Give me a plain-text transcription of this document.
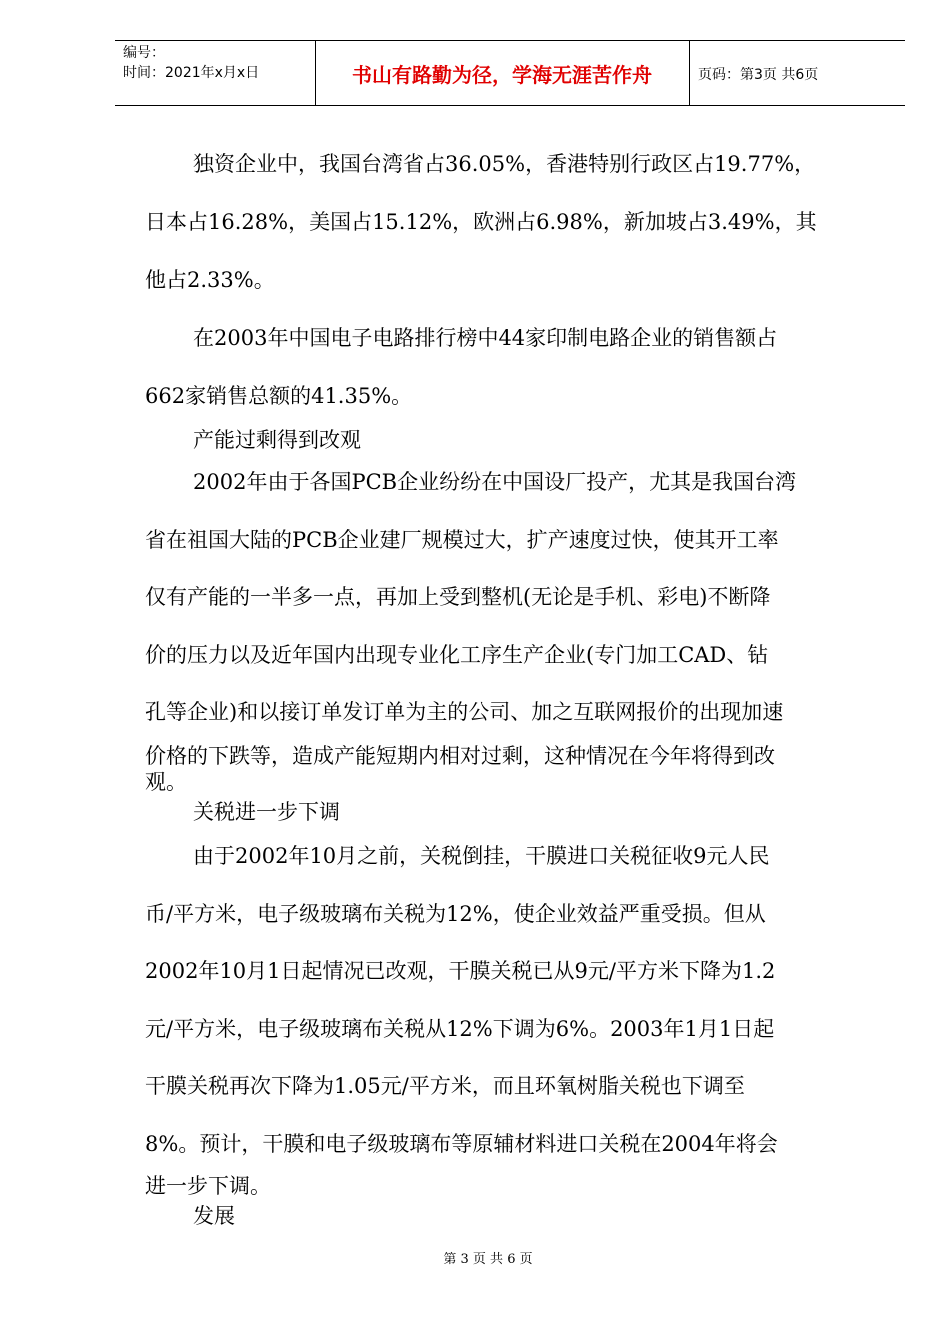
编号：
时间：2021年x月x日	书山有路勤为径，学海无涯苦作舟	页码：第3页 共6页
独资企业中，我国台湾省占36.05%，香港特别行政区占19.77%，
日本占16.28%，美国占15.12%，欧洲占6.98%，新加坡占3.49%，其
他占2.33%。
在2003年中国电子电路排行榜中44家印制电路企业的销售额占
662家销售总额的41.35%。
产能过剩得到改观
2002年由于各国PCB企业纷纷在中国设厂投产，尤其是我国台湾
省在祖国大陆的PCB企业建厂规模过大，扩产速度过快，使其开工率
仅有产能的一半多一点，再加上受到整机(无论是手机、彩电)不断降
价的压力以及近年国内出现专业化工序生产企业(专门加工CAD、钻
孔等企业)和以接订单发订单为主的公司、加之互联网报价的出现加速
价格的下跌等，造成产能短期内相对过剩，这种情况在今年将得到改
观。
关税进一步下调
由于2002年10月之前，关税倒挂，干膜进口关税征收9元人民
币/平方米，电子级玻璃布关税为12%，使企业效益严重受损。但从
2002年10月1日起情况已改观，干膜关税已从9元/平方米下降为1.2
元/平方米，电子级玻璃布关税从12%下调为6%。2003年1月1日起
干膜关税再次下降为1.05元/平方米，而且环氧树脂关税也下调至
8%。预计，干膜和电子级玻璃布等原辅材料进口关税在2004年将会
进一步下调。
发展
第 3 页 共 6 页
